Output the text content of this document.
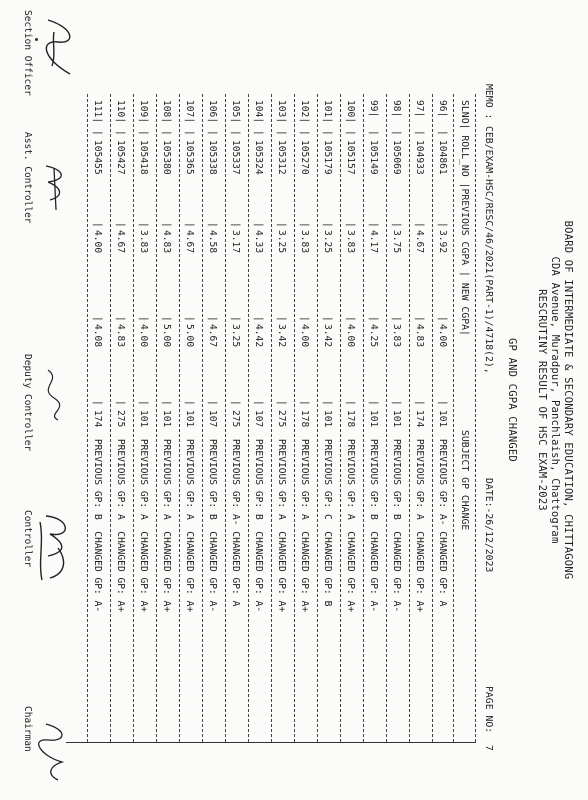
BOARD OF INTERMEDIATE & SECONDARY EDUCATION, CHITTAGONG
CDA Avenue, Muradpur, Panchlaish, Chattogram
RESCRUTINY RESULT OF HSC EXAM-2023
GP AND CGPA CHANGED
MEMO :
CEB/EXAM-HSC/RESC/46/2021(PART-1)/4718(2),
DATE:-26/12/2023
PAGE NO:  7
SLNO| ROLL_NO |PREVIOUS CGPA | NEW CGPA|
SUBJECT GP CHANGE
96|
104861
3.92
4.00
101  PREVIOUS GP: A- CHANGED GP: A
|
|
|
|
97|
104933
4.67
4.83
174  PREVIOUS GP: A  CHANGED GP: A+
|
|
|
|
98|
105069
3.75
3.83
101  PREVIOUS GP: B  CHANGED GP: A-
|
|
|
|
99|
105149
4.17
4.25
101  PREVIOUS GP: B  CHANGED GP: A-
|
|
|
|
100|
105157
3.83
4.00
178  PREVIOUS GP: A  CHANGED GP: A+
|
|
|
|
101|
105179
3.25
3.42
101  PREVIOUS GP: C  CHANGED GP: B
|
|
|
|
102|
105270
3.83
4.00
178  PREVIOUS GP: A  CHANGED GP: A+
|
|
|
|
103|
105312
3.25
3.42
275  PREVIOUS GP: A  CHANGED GP: A+
|
|
|
|
104|
105324
4.33
4.42
107  PREVIOUS GP: B  CHANGED GP: A-
|
|
|
|
105|
105337
3.17
3.25
275  PREVIOUS GP: A- CHANGED GP: A
|
|
|
|
106|
105338
4.58
4.67
107  PREVIOUS GP: B  CHANGED GP: A-
|
|
|
|
107|
105365
4.67
5.00
101  PREVIOUS GP: A  CHANGED GP: A+
|
|
|
|
108|
105380
4.83
5.00
101  PREVIOUS GP: A  CHANGED GP: A+
|
|
|
|
109|
105418
3.83
4.00
101  PREVIOUS GP: A  CHANGED GP: A+
|
|
|
|
110|
105427
4.67
4.83
275  PREVIOUS GP: A  CHANGED GP: A+
|
|
|
|
111|
105455
4.00
4.08
174  PREVIOUS GP: B  CHANGED GP: A-
|
|
|
|
Section Officer
Asst. Controller
Deputy Controller
Controller
Chairman
